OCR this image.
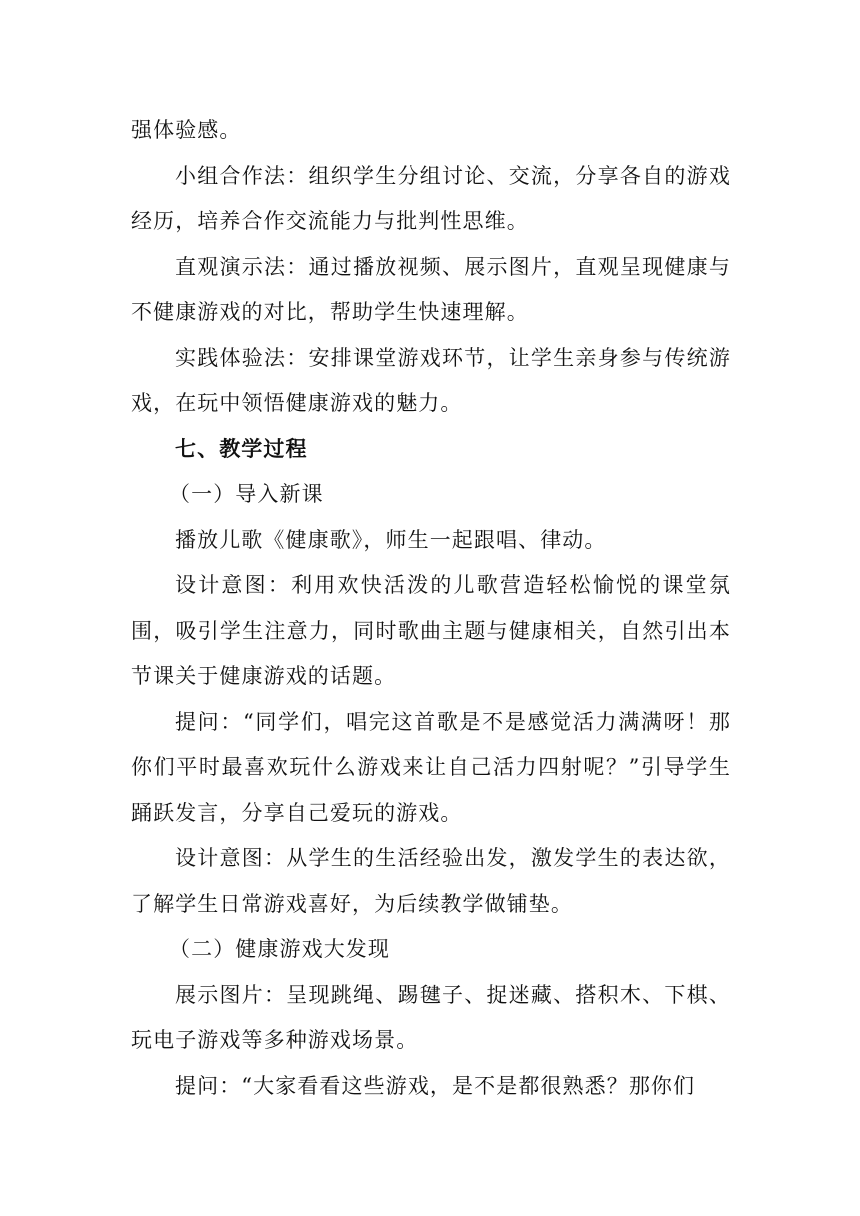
强体验感。

小组合作法：组织学生分组讨论、交流，分享各自的游戏经历，培养合作交流能力与批判性思维。

直观演示法：通过播放视频、展示图片，直观呈现健康与不健康游戏的对比，帮助学生快速理解。

实践体验法：安排课堂游戏环节，让学生亲身参与传统游戏，在玩中领悟健康游戏的魅力。

七、教学过程

（一）导入新课

播放儿歌《健康歌》，师生一起跟唱、律动。

设计意图：利用欢快活泼的儿歌营造轻松愉悦的课堂氛围，吸引学生注意力，同时歌曲主题与健康相关，自然引出本节课关于健康游戏的话题。

提问：“同学们，唱完这首歌是不是感觉活力满满呀！那你们平时最喜欢玩什么游戏来让自己活力四射呢？”引导学生踊跃发言，分享自己爱玩的游戏。

设计意图：从学生的生活经验出发，激发学生的表达欲，了解学生日常游戏喜好，为后续教学做铺垫。

（二）健康游戏大发现

展示图片：呈现跳绳、踢毽子、捉迷藏、搭积木、下棋、玩电子游戏等多种游戏场景。

提问：“大家看看这些游戏，是不是都很熟悉？那你们
